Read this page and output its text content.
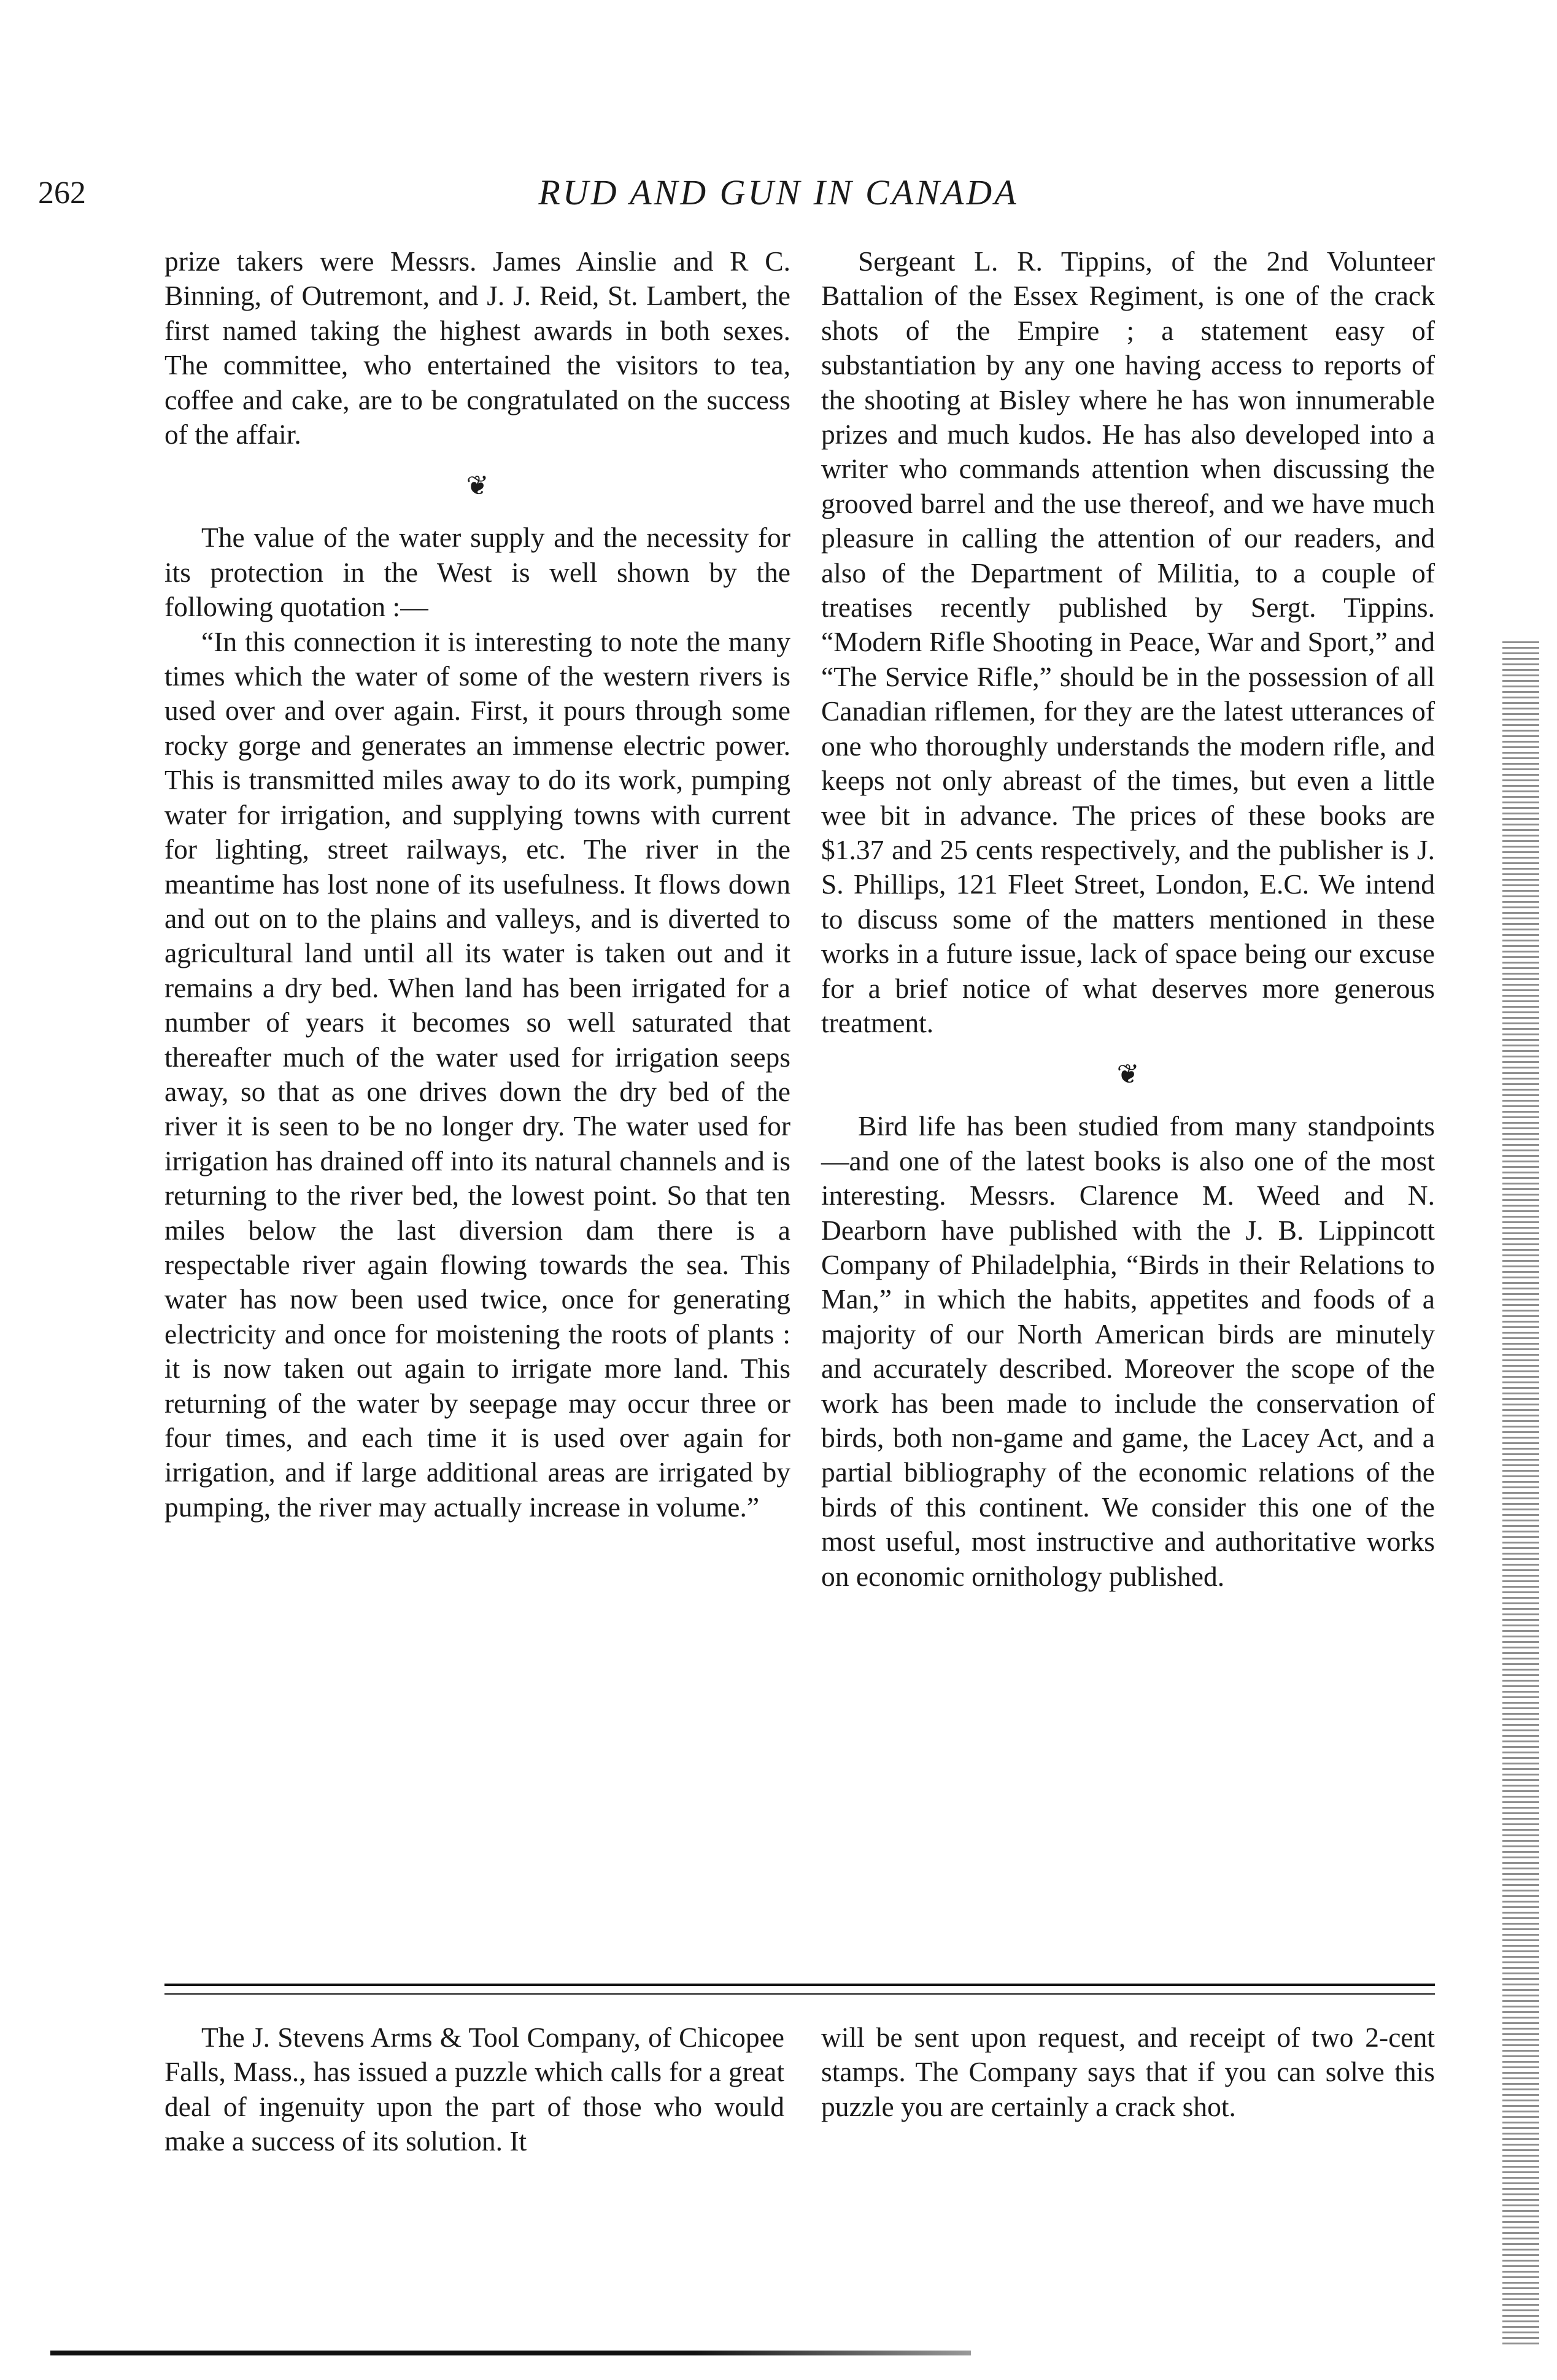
262	RUD AND GUN IN CANADA

prize takers were Messrs. James Ainslie and R C. Binning, of Outremont, and J. J. Reid, St. Lambert, the first named taking the highest awards in both sexes. The committee, who entertained the visitors to tea, coffee and cake, are to be congratulated on the success of the affair.

❦

The value of the water supply and the necessity for its protection in the West is well shown by the following quotation :—

“In this connection it is interesting to note the many times which the water of some of the western rivers is used over and over again. First, it pours through some rocky gorge and generates an immense electric power. This is transmitted miles away to do its work, pumping water for irrigation, and supplying towns with current for lighting, street railways, etc. The river in the meantime has lost none of its usefulness. It flows down and out on to the plains and valleys, and is diverted to agricultural land until all its water is taken out and it remains a dry bed. When land has been irrigated for a number of years it becomes so well saturated that thereafter much of the water used for irrigation seeps away, so that as one drives down the dry bed of the river it is seen to be no longer dry. The water used for irrigation has drained off into its natural channels and is returning to the river bed, the lowest point. So that ten miles below the last diversion dam there is a respectable river again flowing towards the sea. This water has now been used twice, once for generating electricity and once for moistening the roots of plants : it is now taken out again to irrigate more land. This returning of the water by seepage may occur three or four times, and each time it is used over again for irrigation, and if large additional areas are irrigated by pumping, the river may actually increase in volume.”

Sergeant L. R. Tippins, of the 2nd Volunteer Battalion of the Essex Regiment, is one of the crack shots of the Empire ; a statement easy of substantiation by any one having access to reports of the shooting at Bisley where he has won innumerable prizes and much kudos. He has also developed into a writer who commands attention when discussing the grooved barrel and the use thereof, and we have much pleasure in calling the attention of our readers, and also of the Department of Militia, to a couple of treatises recently published by Sergt. Tippins. “Modern Rifle Shooting in Peace, War and Sport,” and “The Service Rifle,” should be in the possession of all Canadian riflemen, for they are the latest utterances of one who thoroughly understands the modern rifle, and keeps not only abreast of the times, but even a little wee bit in advance. The prices of these books are $1.37 and 25 cents respectively, and the publisher is J. S. Phillips, 121 Fleet Street, London, E.C. We intend to discuss some of the matters mentioned in these works in a future issue, lack of space being our excuse for a brief notice of what deserves more generous treatment.

❦

Bird life has been studied from many standpoints—and one of the latest books is also one of the most interesting. Messrs. Clarence M. Weed and N. Dearborn have published with the J. B. Lippincott Company of Philadelphia, “Birds in their Relations to Man,” in which the habits, appetites and foods of a majority of our North American birds are minutely and accurately described. Moreover the scope of the work has been made to include the conservation of birds, both non-game and game, the Lacey Act, and a partial bibliography of the economic relations of the birds of this continent. We consider this one of the most useful, most instructive and authoritative works on economic ornithology published.

The J. Stevens Arms & Tool Company, of Chicopee Falls, Mass., has issued a puzzle which calls for a great deal of ingenuity upon the part of those who would make a success of its solution. It

will be sent upon request, and receipt of two 2-cent stamps. The Company says that if you can solve this puzzle you are certainly a crack shot.
